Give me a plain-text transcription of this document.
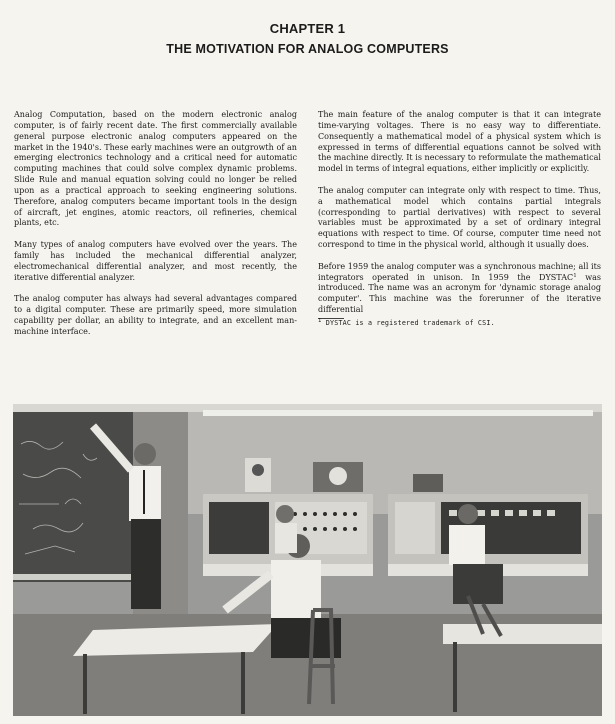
CHAPTER 1
THE MOTIVATION FOR ANALOG COMPUTERS

Analog Computation, based on the modern electronic analog computer, is of fairly recent date. The first commercially available general purpose electronic analog computers appeared on the market in the 1940's. These early machines were an outgrowth of an emerging electronics technology and a critical need for automatic computing machines that could solve complex dynamic problems. Slide Rule and manual equation solving could no longer be relied upon as a practical approach to seeking engineering solutions. Therefore, analog computers became important tools in the design of aircraft, jet engines, atomic reactors, oil refineries, chemical plants, etc.

Many types of analog computers have evolved over the years. The family has included the mechanical differential analyzer, electromechanical differential analyzer, and most recently, the iterative differential analyzer.

The analog computer has always had several advantages compared to a digital computer. These are primarily speed, more simulation capability per dollar, an ability to integrate, and an excellent man-machine interface.

The main feature of the analog computer is that it can integrate time-varying voltages. There is no easy way to differentiate. Consequently a mathematical model of a physical system which is expressed in terms of differential equations cannot be solved with the machine directly. It is necessary to reformulate the mathematical model in terms of integral equations, either implicitly or explicitly.

The analog computer can integrate only with respect to time. Thus, a mathematical model which contains partial integrals (corresponding to partial derivatives) with respect to several variables must be approximated by a set of ordinary integral equations with respect to time. Of course, computer time need not correspond to time in the physical world, although it usually does.

Before 1959 the analog computer was a synchronous machine; all its integrators operated in unison. In 1959 the DYSTAC$^1$ was introduced. The name was an acronym for 'dynamic storage analog computer'. This machine was the forerunner of the iterative differential

$^1$ DYSTAC is a registered trademark of CSI.
